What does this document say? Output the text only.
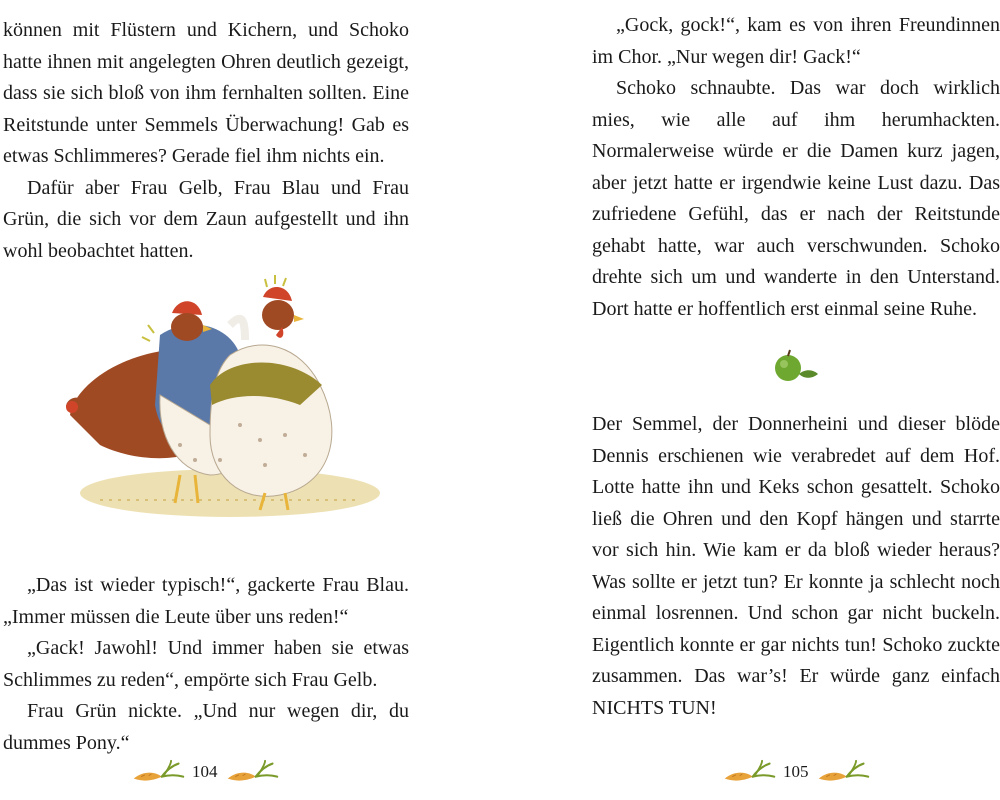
können mit Flüstern und Kichern, und Schoko hatte ihnen mit angelegten Ohren deutlich gezeigt, dass sie sich bloß von ihm fernhalten sollten. Eine Reitstunde unter Semmels Überwachung! Gab es etwas Schlimmeres? Gerade fiel ihm nichts ein.

Dafür aber Frau Gelb, Frau Blau und Frau Grün, die sich vor dem Zaun aufgestellt und ihn wohl beobachtet hatten.

„Das ist wieder typisch!“, gackerte Frau Blau. „Immer müssen die Leute über uns reden!“

„Gack! Jawohl! Und immer haben sie etwas Schlimmes zu reden“, empörte sich Frau Gelb.

Frau Grün nickte. „Und nur wegen dir, du dummes Pony.“

104

„Gock, gock!“, kam es von ihren Freundinnen im Chor. „Nur wegen dir! Gack!“

Schoko schnaubte. Das war doch wirklich mies, wie alle auf ihm herumhackten. Normalerweise würde er die Damen kurz jagen, aber jetzt hatte er irgendwie keine Lust dazu. Das zufriedene Gefühl, das er nach der Reitstunde gehabt hatte, war auch verschwunden. Schoko drehte sich um und wanderte in den Unterstand. Dort hatte er hoffentlich erst einmal seine Ruhe.

Der Semmel, der Donnerheini und dieser blöde Dennis erschienen wie verabredet auf dem Hof. Lotte hatte ihn und Keks schon gesattelt. Schoko ließ die Ohren und den Kopf hängen und starrte vor sich hin. Wie kam er da bloß wieder heraus? Was sollte er jetzt tun? Er konnte ja schlecht noch einmal losrennen. Und schon gar nicht buckeln. Eigentlich konnte er gar nichts tun! Schoko zuckte zusammen. Das war’s! Er würde ganz einfach NICHTS TUN!

105
